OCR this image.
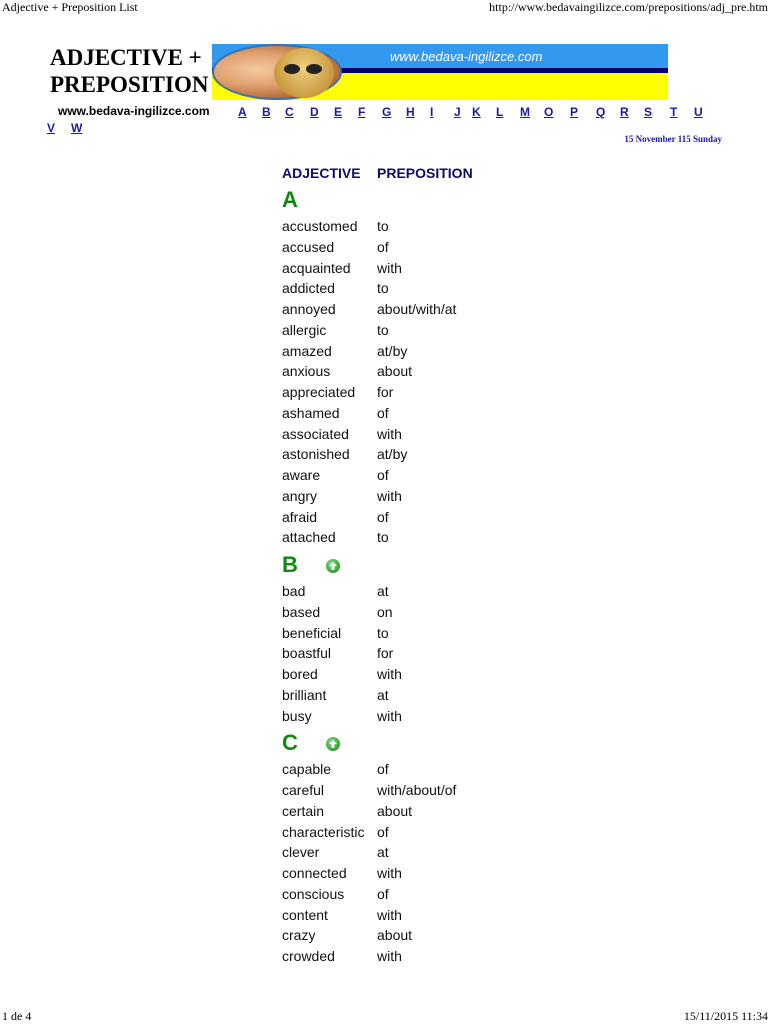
Adjective + Preposition List	http://www.bedavaingilizce.com/prepositions/adj_pre.htm
ADJECTIVE +
PREPOSITION
www.bedava-ingilizce.com
www.bedava-ingilizce.com A B C D E F G H I J K L M O P Q R S T U
V W
15 November 115 Sunday
ADJECTIVE PREPOSITION
A
accustomed to
accused	of
acquainted with
addicted	to
annoyed	about/with/at
allergic	to
amazed	at/by
anxious	about
appreciated for
ashamed	of
associated with
astonished at/by
aware	of
angry	with
afraid	of
attached	to
B
bad	at
based	on
beneficial	to
boastful	for
bored	with
brilliant	at
busy	with
C
capable	of
careful	with/about/of
certain	about
characteristic of
clever	at
connected with
conscious of
content	with
crazy	about
crowded	with
1 de 4	15/11/2015 11:34
